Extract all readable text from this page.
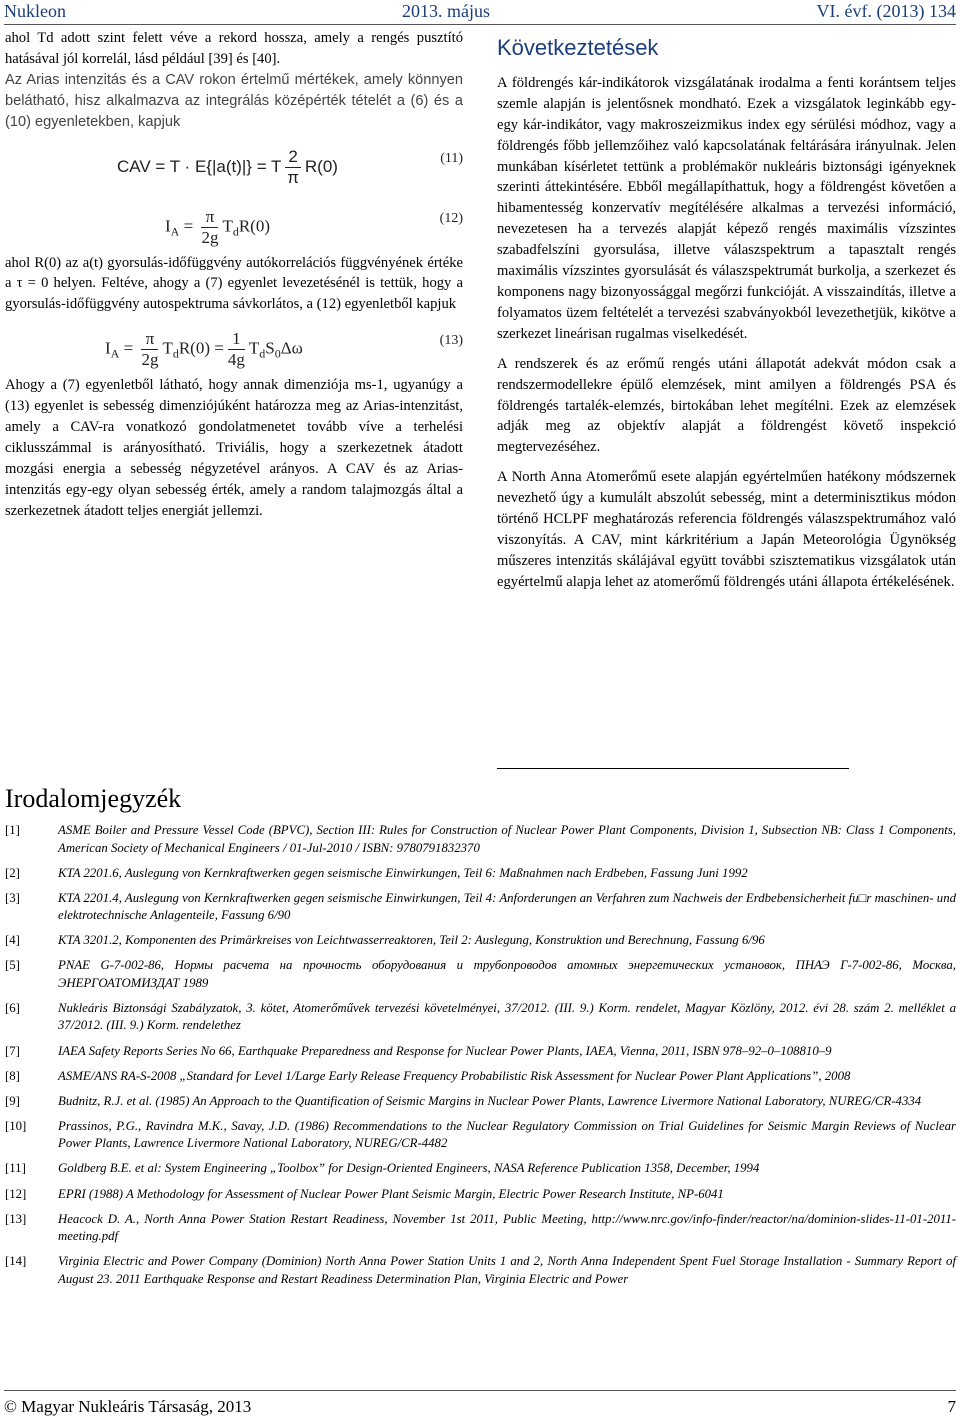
Nukleon	2013. május	VI. évf. (2013) 134

ahol Td adott szint felett véve a rekord hossza, amely a rengés pusztító hatásával jól korrelál, lásd például [39] és [40].

Az Arias intenzitás és a CAV rokon értelmű mértékek, amely könnyen belátható, hisz alkalmazva az integrálás középérték tételét a (6) és a (10) egyenletekben, kapjuk

CAV = T · E{|a(t)|} = T $\frac{2}{\pi} R(0)$	(11)
$I_A = \frac{\pi}{2g} T_dR(0)$	(12)

ahol R(0) az a(t) gyorsulás-időfüggvény autókorrelációs függvényének értéke a τ = 0 helyen. Feltéve, ahogy a (7) egyenlet levezetésénél is tettük, hogy a gyorsulás-időfüggvény autospektruma sávkorlátos, a (12) egyenletből kapjuk

$I_A = \frac{\pi}{2g} T_dR(0) = \frac{1}{4g} T_dS_0\Delta\omega$	(13)

Ahogy a (7) egyenletből látható, hogy annak dimenziója ms-1, ugyanúgy a (13) egyenlet is sebesség dimenziójúként határozza meg az Arias-intenzitást, amely a CAV-ra vonatkozó gondolatmenetet tovább víve a terhelési ciklusszámmal is arányosítható. Triviális, hogy a szerkezetnek átadott mozgási energia a sebesség négyzetével arányos. A CAV és az Arias-intenzitás egy-egy olyan sebesség érték, amely a random talajmozgás által a szerkezetnek átadott teljes energiát jellemzi.

Következtetések

A földrengés kár-indikátorok vizsgálatának irodalma a fenti korántsem teljes szemle alapján is jelentősnek mondható. Ezek a vizsgálatok leginkább egy-egy kár-indikátor, vagy makroszeizmikus index egy sérülési módhoz, vagy a földrengés főbb jellemzőihez való kapcsolatának feltárására irányulnak. Jelen munkában kísérletet tettünk a problémakör nukleáris biztonsági igényeknek szerinti áttekintésére. Ebből megállapíthattuk, hogy a földrengést követően a hibamentesség konzervatív megítélésére alkalmas a tervezési információ, nevezetesen ha a tervezés alapját képező rengés maximális vízszintes szabadfelszíni gyorsulása, illetve válaszspektrum a tapasztalt rengés maximális vízszintes gyorsulását és válaszspektrumát burkolja, a szerkezet és komponens nagy bizonyossággal megőrzi funkcióját. A visszaindítás, illetve a folyamatos üzem feltételét a tervezési szabványokból levezethetjük, kikötve a szerkezet lineárisan rugalmas viselkedését.

A rendszerek és az erőmű rengés utáni állapotát adekvát módon csak a rendszermodellekre épülő elemzések, mint amilyen a földrengés PSA és földrengés tartalék-elemzés, birtokában lehet megítélni. Ezek az elemzések adják meg az objektív alapját a földrengést követő inspekció megtervezéséhez.

A North Anna Atomerőmű esete alapján egyértelműen hatékony módszernek nevezhető úgy a kumulált abszolút sebesség, mint a determinisztikus módon történő HCLPF meghatározás referencia földrengés válaszspektrumához való viszonyítás. A CAV, mint kárkritérium a Japán Meteorológia Ügynökség műszeres intenzitás skálájával együtt további szisztematikus vizsgálatok után egyértelmű alapja lehet az atomerőmű földrengés utáni állapota értékelésének.

Irodalomjegyzék
[1]	ASME Boiler and Pressure Vessel Code (BPVC), Section III: Rules for Construction of Nuclear Power Plant Components, Division 1, Subsection NB: Class 1 Components, American Society of Mechanical Engineers / 01-Jul-2010 / ISBN: 9780791832370
[2]	KTA 2201.6, Auslegung von Kernkraftwerken gegen seismische Einwirkungen, Teil 6: Maßnahmen nach Erdbeben, Fassung Juni 1992
[3]	KTA 2201.4, Auslegung von Kernkraftwerken gegen seismische Einwirkungen, Teil 4: Anforderungen an Verfahren zum Nachweis der Erdbebensicherheit fu□r maschinen- und elektrotechnische Anlagenteile, Fassung 6/90
[4]	KTA 3201.2, Komponenten des Primärkreises von Leichtwasserreaktoren, Teil 2: Auslegung, Konstruktion und Berechnung, Fassung 6/96
[5]	PNAE G-7-002-86, Нормы расчета на прочность оборудования и трубопроводов атомных энергетических установок, ПНАЭ Г-7-002-86, Москва, ЭНЕРГОАТОМИЗДАТ 1989
[6]	Nukleáris Biztonsági Szabályzatok, 3. kötet, Atomerőművek tervezési követelményei, 37/2012. (III. 9.) Korm. rendelet, Magyar Közlöny, 2012. évi 28. szám 2. melléklet a 37/2012. (III. 9.) Korm. rendelethez
[7]	IAEA Safety Reports Series No 66, Earthquake Preparedness and Response for Nuclear Power Plants, IAEA, Vienna, 2011, ISBN 978–92–0–108810–9
[8]	ASME/ANS RA-S-2008 „Standard for Level 1/Large Early Release Frequency Probabilistic Risk Assessment for Nuclear Power Plant Applications”, 2008
[9]	Budnitz, R.J. et al. (1985) An Approach to the Quantification of Seismic Margins in Nuclear Power Plants, Lawrence Livermore National Laboratory, NUREG/CR-4334
[10] Prassinos, P.G., Ravindra M.K., Savay, J.D. (1986) Recommendations to the Nuclear Regulatory Commission on Trial Guidelines for Seismic Margin Reviews of Nuclear Power Plants, Lawrence Livermore National Laboratory, NUREG/CR-4482
[11]	Goldberg B.E. et al: System Engineering „Toolbox” for Design-Oriented Engineers, NASA Reference Publication 1358, December, 1994
[12] EPRI (1988) A Methodology for Assessment of Nuclear Power Plant Seismic Margin, Electric Power Research Institute, NP-6041
[13] Heacock D. A., North Anna Power Station Restart Readiness, November 1st 2011, Public Meeting, http://www.nrc.gov/info-finder/reactor/na/dominion-slides-11-01-2011-meeting.pdf
[14] Virginia Electric and Power Company (Dominion) North Anna Power Station Units 1 and 2, North Anna Independent Spent Fuel Storage Installation - Summary Report of August 23. 2011 Earthquake Response and Restart Readiness Determination Plan, Virginia Electric and Power
© Magyar Nukleáris Társaság, 2013	7
